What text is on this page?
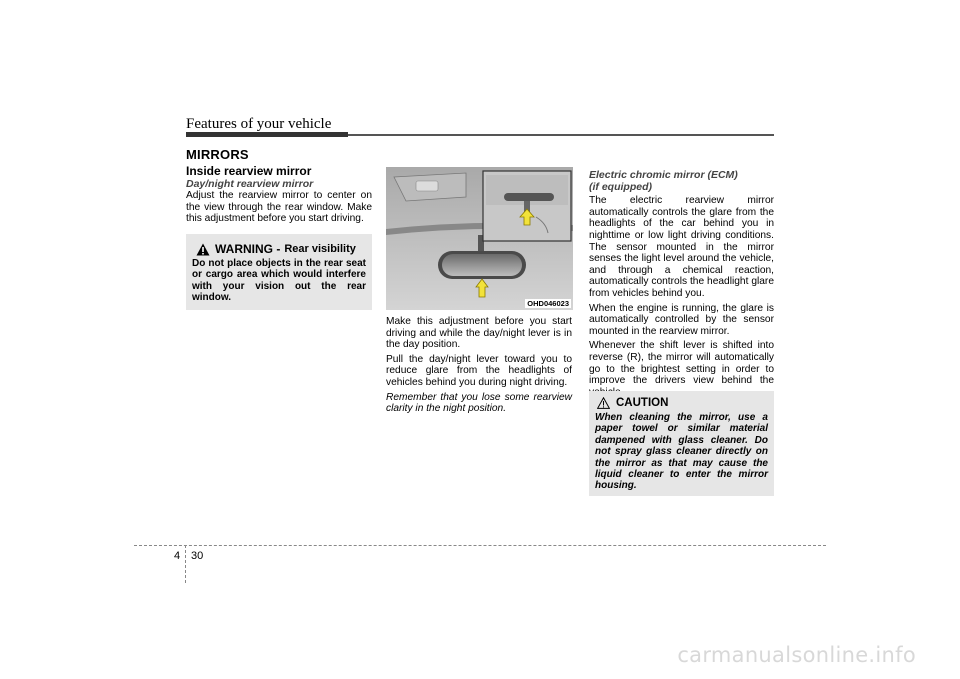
Features of your vehicle
MIRRORS
Inside rearview mirror
Day/night rearview mirror

Adjust the rearview mirror to center on the view through the rear window. Make this adjustment before you start driving.

WARNING - Rear visibility
Do not place objects in the rear seat or cargo area which would interfere with your vision out the rear window.
OHD046023

Make this adjustment before you start driving and while the day/night lever is in the day position.

Pull the day/night lever toward you to reduce glare from the headlights of vehicles behind you during night driving.

Remember that you lose some rearview clarity in the night position.

Electric chromic mirror (ECM)
(if equipped)

The electric rearview mirror automatically controls the glare from the headlights of the car behind you in nighttime or low light driving conditions. The sensor mounted in the mirror senses the light level around the vehicle, and through a chemical reaction, automatically controls the headlight glare from vehicles behind you.

When the engine is running, the glare is automatically controlled by the sensor mounted in the rearview mirror.

Whenever the shift lever is shifted into reverse (R), the mirror will automatically go to the brightest setting in order to improve the drivers view behind the

CAUTION
When cleaning the mirror, use a paper towel or similar material dampened with glass cleaner. Do not spray glass cleaner directly on the mirror as that may cause the liquid cleaner to enter the mirror housing.
4 30
carmanualsonline.info
